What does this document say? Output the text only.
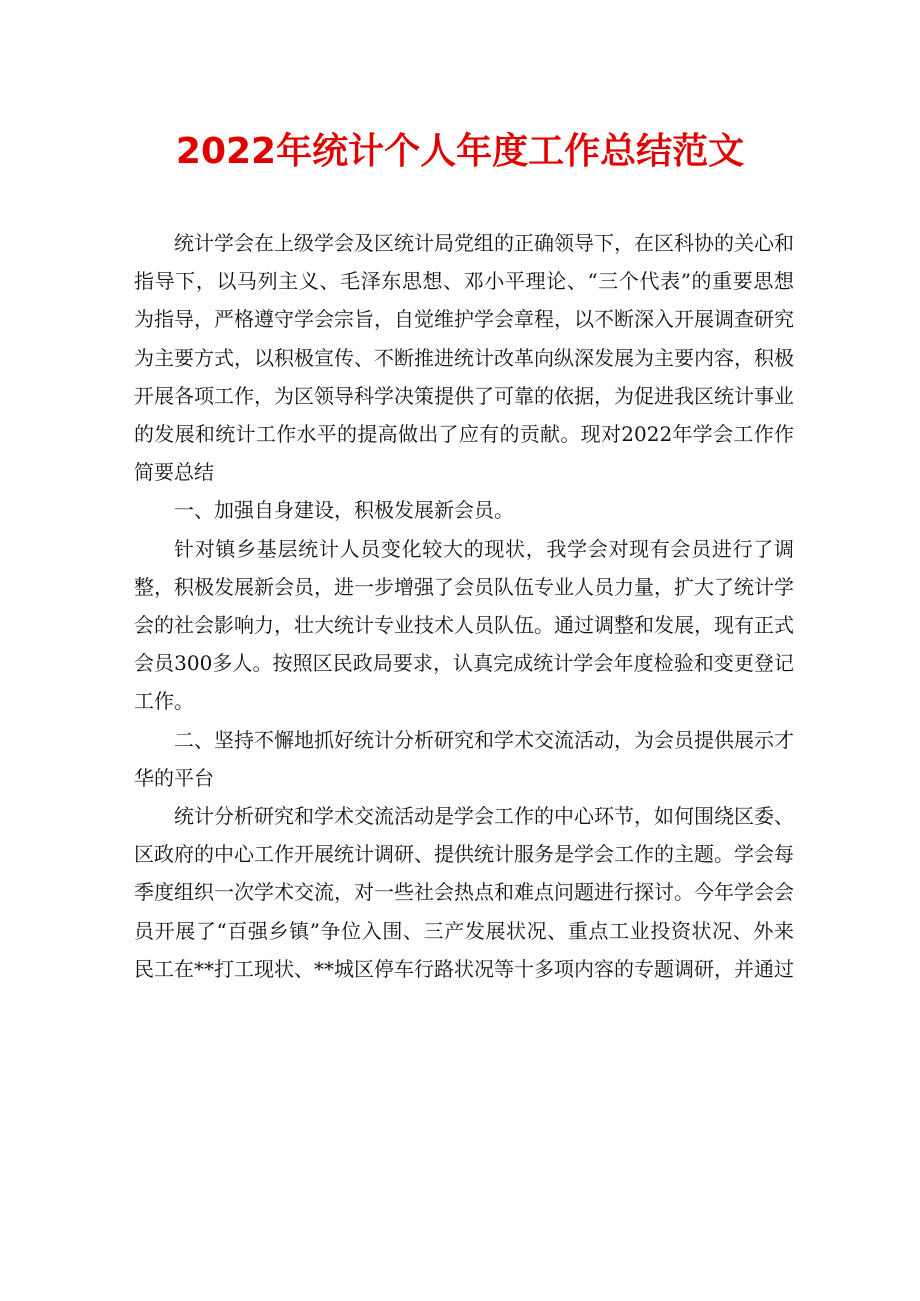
2022年统计个人年度工作总结范文

统计学会在上级学会及区统计局党组的正确领导下，在区科协的关心和指导下，以马列主义、毛泽东思想、邓小平理论、“三个代表”的重要思想为指导，严格遵守学会宗旨，自觉维护学会章程，以不断深入开展调查研究为主要方式，以积极宣传、不断推进统计改革向纵深发展为主要内容，积极开展各项工作，为区领导科学决策提供了可靠的依据，为促进我区统计事业的发展和统计工作水平的提高做出了应有的贡献。现对2022年学会工作作简要总结

一、加强自身建设，积极发展新会员。

针对镇乡基层统计人员变化较大的现状，我学会对现有会员进行了调整，积极发展新会员，进一步增强了会员队伍专业人员力量，扩大了统计学会的社会影响力，壮大统计专业技术人员队伍。通过调整和发展，现有正式会员300多人。按照区民政局要求，认真完成统计学会年度检验和变更登记工作。

二、坚持不懈地抓好统计分析研究和学术交流活动，为会员提供展示才华的平台

统计分析研究和学术交流活动是学会工作的中心环节，如何围绕区委、区政府的中心工作开展统计调研、提供统计服务是学会工作的主题。学会每季度组织一次学术交流，对一些社会热点和难点问题进行探讨。今年学会会员开展了“百强乡镇”争位入围、三产发展状况、重点工业投资状况、外来民工在**打工现状、**城区停车行路状况等十多项内容的专题调研，并通过
